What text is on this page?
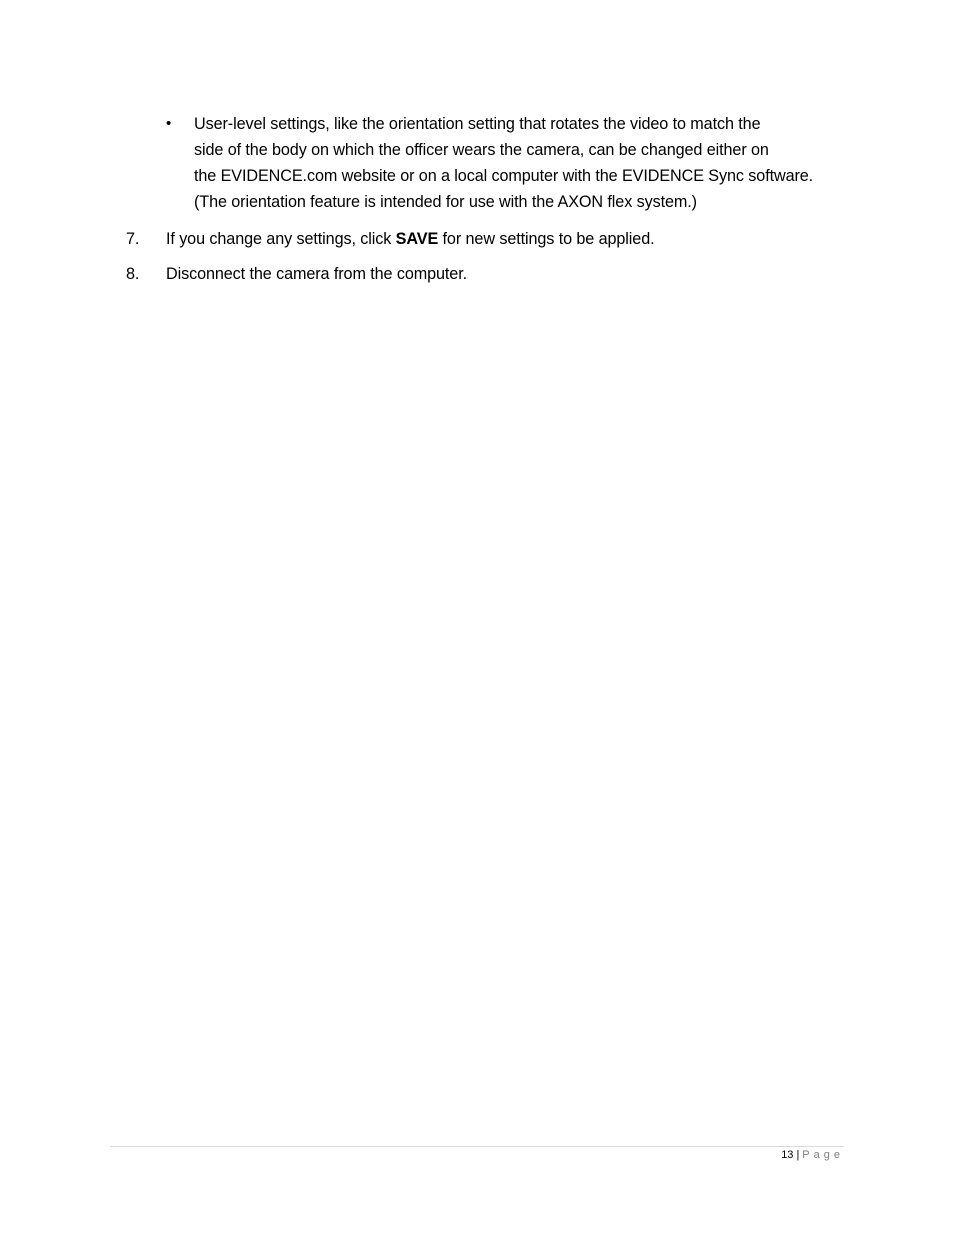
• User-level settings, like the orientation setting that rotates the video to match the
side of the body on which the officer wears the camera, can be changed either on
the EVIDENCE.com website or on a local computer with the EVIDENCE Sync software.
(The orientation feature is intended for use with the AXON flex system.)
7. If you change any settings, click SAVE for new settings to be applied.
8. Disconnect the camera from the computer.
13 | Page
